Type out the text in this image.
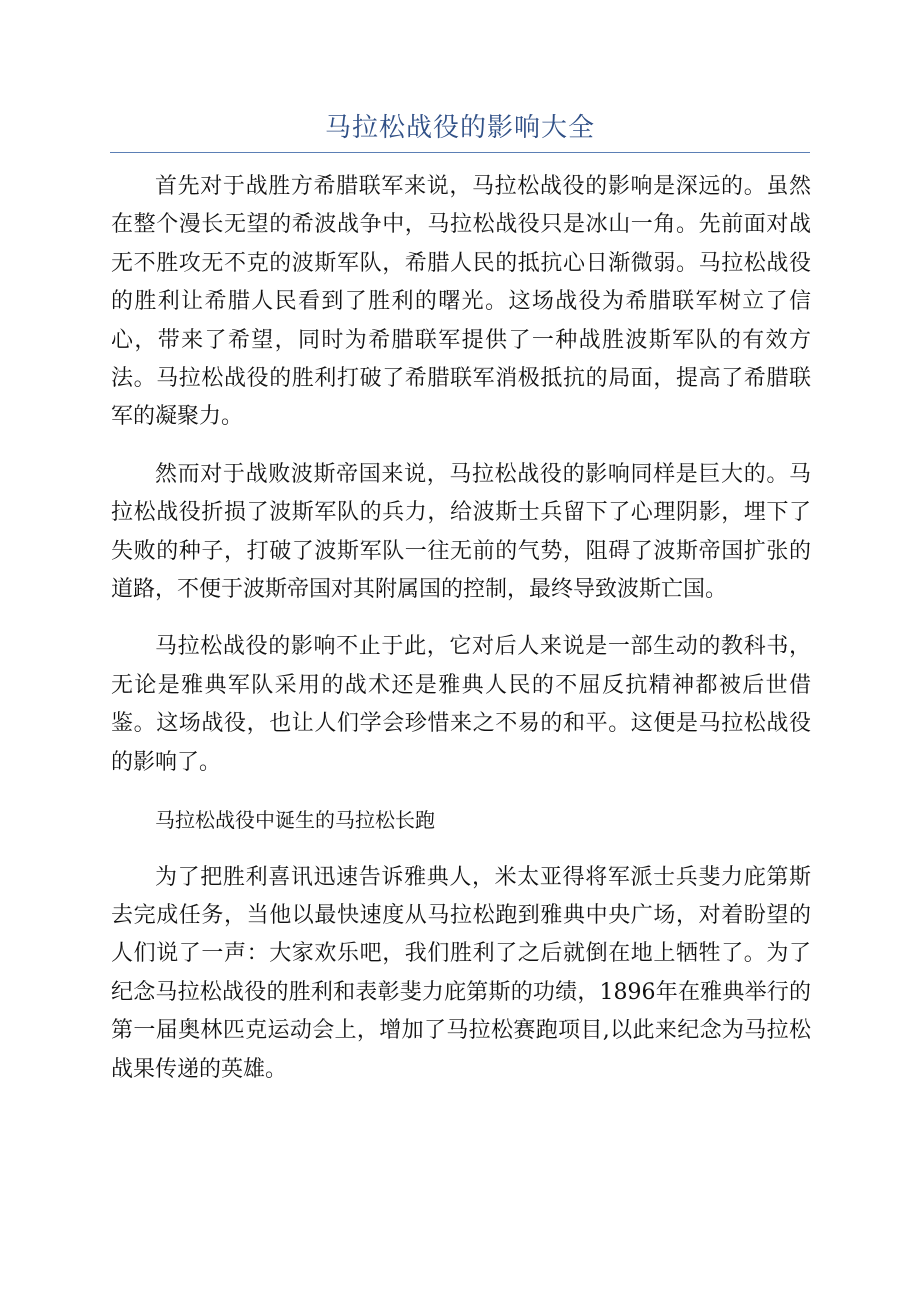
马拉松战役的影响大全

首先对于战胜方希腊联军来说，马拉松战役的影响是深远的。虽然在整个漫长无望的希波战争中，马拉松战役只是冰山一角。先前面对战无不胜攻无不克的波斯军队，希腊人民的抵抗心日渐微弱。马拉松战役的胜利让希腊人民看到了胜利的曙光。这场战役为希腊联军树立了信心，带来了希望，同时为希腊联军提供了一种战胜波斯军队的有效方法。马拉松战役的胜利打破了希腊联军消极抵抗的局面，提高了希腊联军的凝聚力。

然而对于战败波斯帝国来说，马拉松战役的影响同样是巨大的。马拉松战役折损了波斯军队的兵力，给波斯士兵留下了心理阴影，埋下了失败的种子，打破了波斯军队一往无前的气势，阻碍了波斯帝国扩张的道路，不便于波斯帝国对其附属国的控制，最终导致波斯亡国。

马拉松战役的影响不止于此，它对后人来说是一部生动的教科书，无论是雅典军队采用的战术还是雅典人民的不屈反抗精神都被后世借鉴。这场战役，也让人们学会珍惜来之不易的和平。这便是马拉松战役的影响了。

马拉松战役中诞生的马拉松长跑

为了把胜利喜讯迅速告诉雅典人，米太亚得将军派士兵斐力庇第斯去完成任务，当他以最快速度从马拉松跑到雅典中央广场，对着盼望的人们说了一声：大家欢乐吧，我们胜利了之后就倒在地上牺牲了。为了纪念马拉松战役的胜利和表彰斐力庇第斯的功绩，1896年在雅典举行的第一届奥林匹克运动会上，增加了马拉松赛跑项目,以此来纪念为马拉松战果传递的英雄。
